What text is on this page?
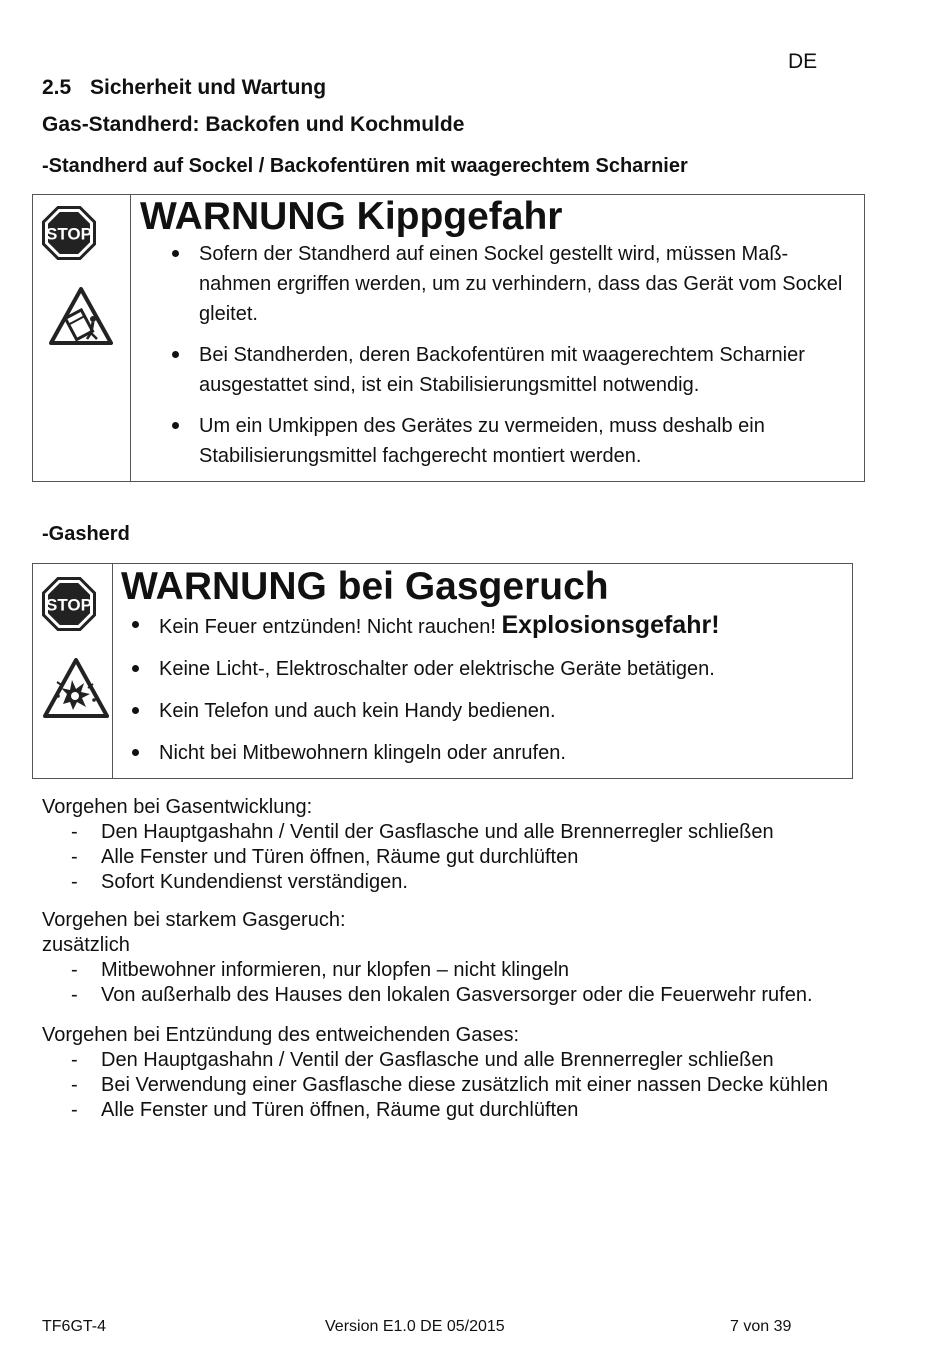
DE
2.5 Sicherheit und Wartung
Gas-Standherd: Backofen und Kochmulde
-Standherd auf Sockel / Backofentüren mit waagerechtem Scharnier
STOP WARNUNG Kippgefahr
Sofern der Standherd auf einen Sockel gestellt wird, müssen Maß-nahmen ergriffen werden, um zu verhindern, dass das Gerät vom Sockel gleitet.
Bei Standherden, deren Backofentüren mit waagerechtem Scharnier ausgestattet sind, ist ein Stabilisierungsmittel notwendig.
Um ein Umkippen des Gerätes zu vermeiden, muss deshalb ein Stabilisierungsmittel fachgerecht montiert werden.
-Gasherd
STOP WARNUNG bei Gasgeruch
Kein Feuer entzünden! Nicht rauchen! Explosionsgefahr!
Keine Licht-, Elektroschalter oder elektrische Geräte betätigen.
Kein Telefon und auch kein Handy bedienen.
Nicht bei Mitbewohnern klingeln oder anrufen.
Vorgehen bei Gasentwicklung:
- Den Hauptgashahn / Ventil der Gasflasche und alle Brennerregler schließen
- Alle Fenster und Türen öffnen, Räume gut durchlüften
- Sofort Kundendienst verständigen.
Vorgehen bei starkem Gasgeruch:
zusätzlich
- Mitbewohner informieren, nur klopfen – nicht klingeln
- Von außerhalb des Hauses den lokalen Gasversorger oder die Feuerwehr rufen.
Vorgehen bei Entzündung des entweichenden Gases:
- Den Hauptgashahn / Ventil der Gasflasche und alle Brennerregler schließen
- Bei Verwendung einer Gasflasche diese zusätzlich mit einer nassen Decke kühlen
- Alle Fenster und Türen öffnen, Räume gut durchlüften
TF6GT-4	Version E1.0 DE 05/2015	7 von 39
